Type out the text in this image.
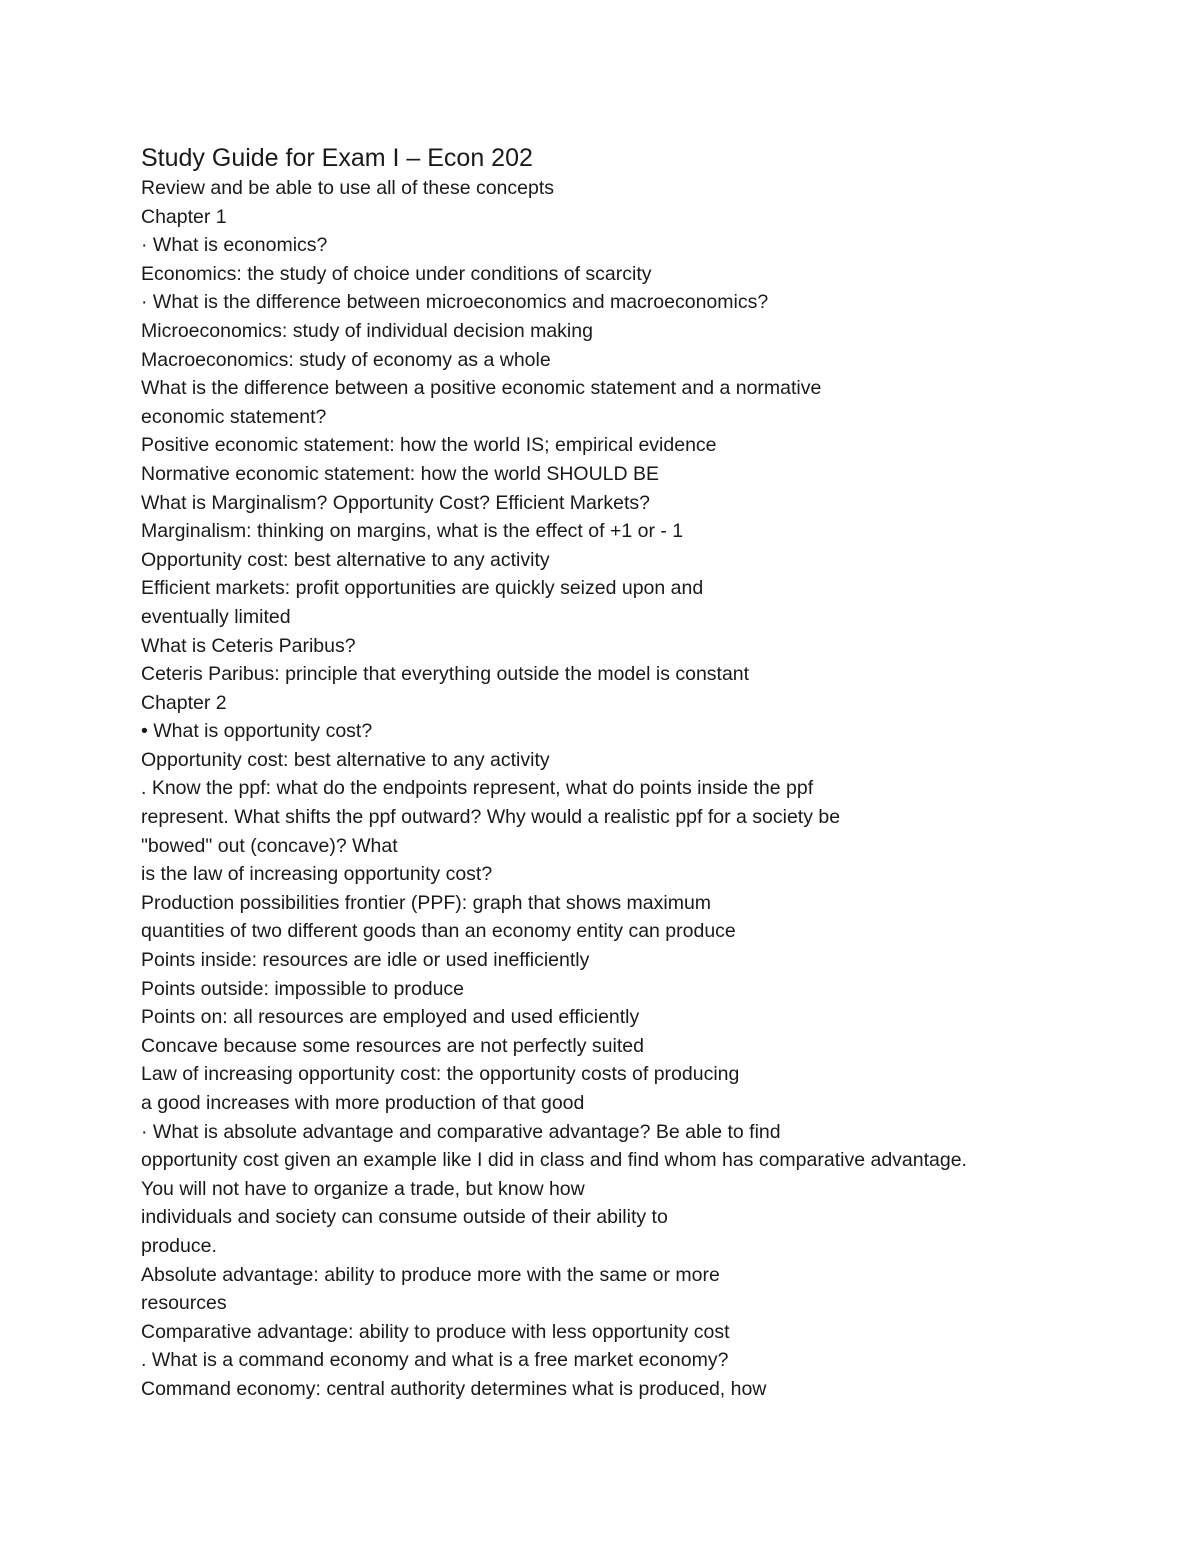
Study Guide for Exam I – Econ 202
Review and be able to use all of these concepts
Chapter 1
· What is economics?
Economics: the study of choice under conditions of scarcity
· What is the difference between microeconomics and macroeconomics?
Microeconomics: study of individual decision making
Macroeconomics: study of economy as a whole
What is the difference between a positive economic statement and a normative
economic statement?
Positive economic statement: how the world IS; empirical evidence
Normative economic statement: how the world SHOULD BE
What is Marginalism? Opportunity Cost? Efficient Markets?
Marginalism: thinking on margins, what is the effect of +1 or - 1
Opportunity cost: best alternative to any activity
Efficient markets: profit opportunities are quickly seized upon and
eventually limited
What is Ceteris Paribus?
Ceteris Paribus: principle that everything outside the model is constant
Chapter 2
• What is opportunity cost?
Opportunity cost: best alternative to any activity
. Know the ppf: what do the endpoints represent, what do points inside the ppf
represent. What shifts the ppf outward? Why would a realistic ppf for a society be
"bowed" out (concave)? What
is the law of increasing opportunity cost?
Production possibilities frontier (PPF): graph that shows maximum
quantities of two different goods than an economy entity can produce
Points inside: resources are idle or used inefficiently
Points outside: impossible to produce
Points on: all resources are employed and used efficiently
Concave because some resources are not perfectly suited
Law of increasing opportunity cost: the opportunity costs of producing
a good increases with more production of that good
· What is absolute advantage and comparative advantage? Be able to find
opportunity cost given an example like I did in class and find whom has comparative advantage.
You will not have to organize a trade, but know how
individuals and society can consume outside of their ability to
produce.
Absolute advantage: ability to produce more with the same or more
resources
Comparative advantage: ability to produce with less opportunity cost
. What is a command economy and what is a free market economy?
Command economy: central authority determines what is produced, how
